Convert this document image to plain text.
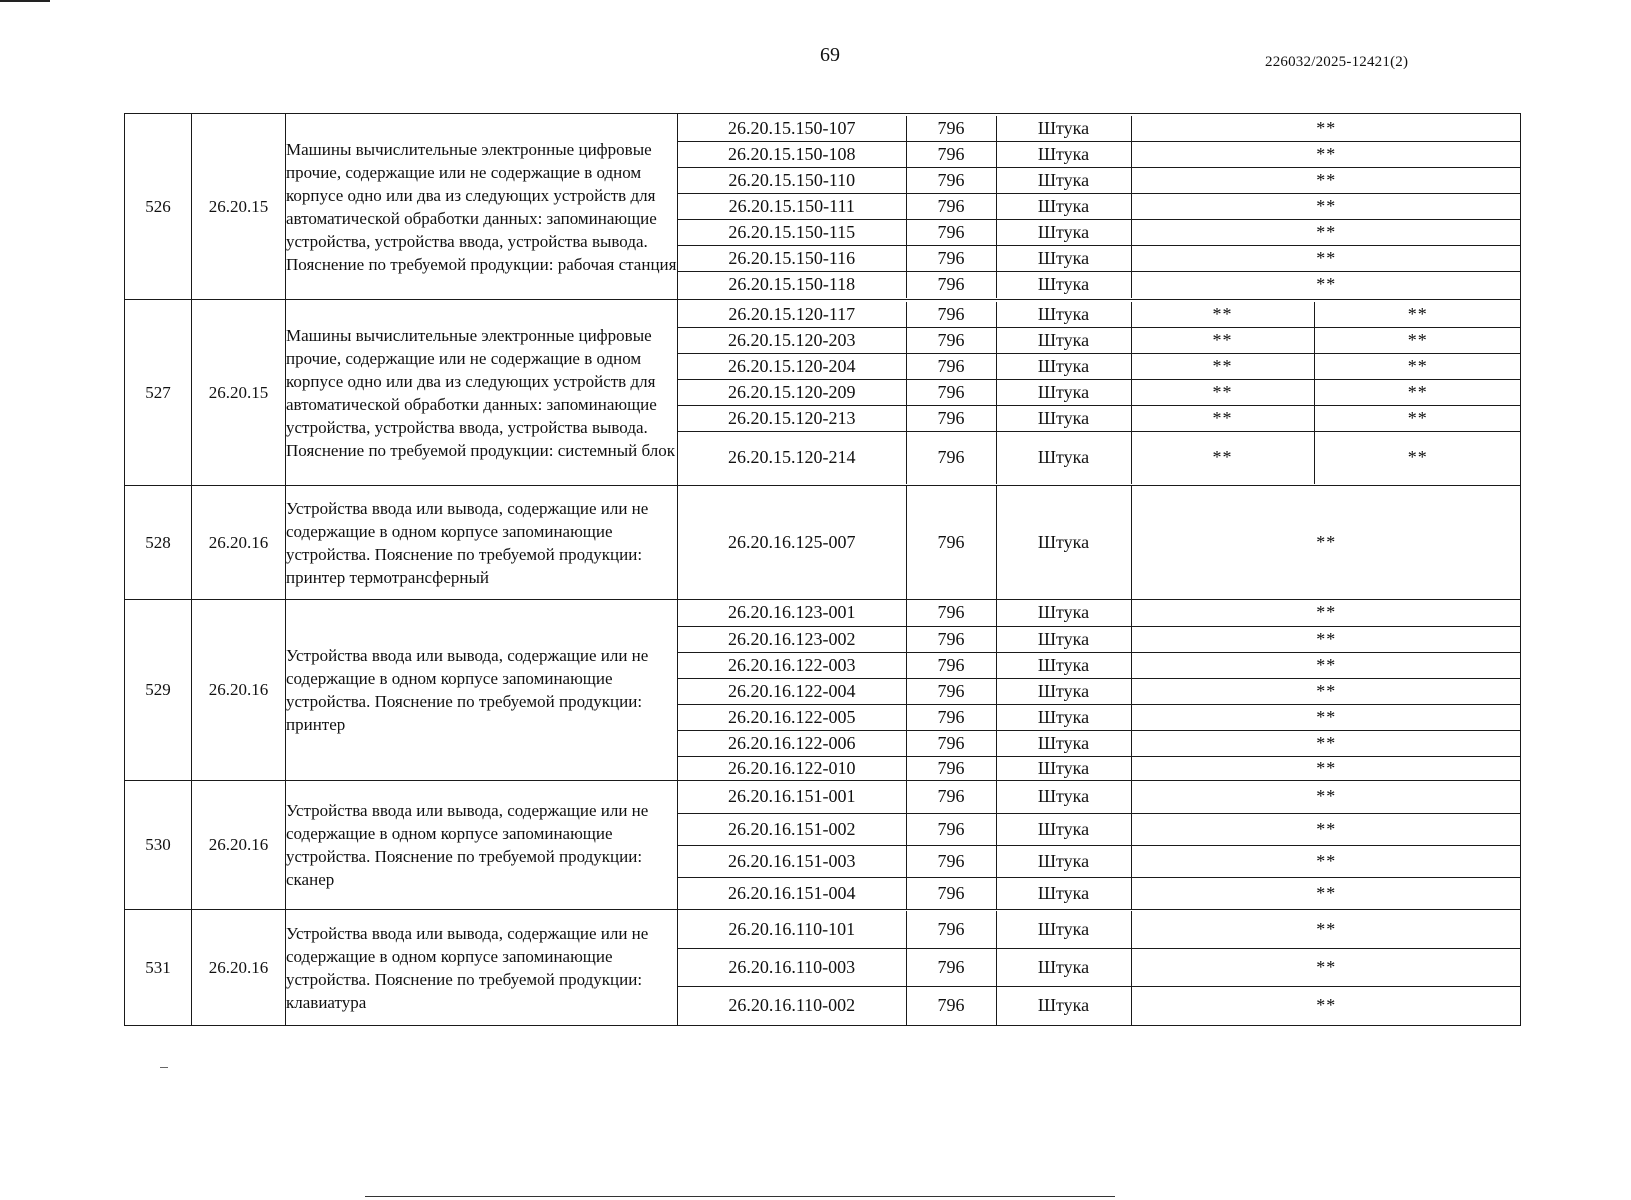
69	226032/2025-12421(2)
526	26.20.15	Машины вычислительные электронные цифровые прочие, содержащие или не содержащие в одном корпусе одно или два из следующих устройств для автоматической обработки данных: запоминающие устройства, устройства ввода, устройства вывода. Пояснение по требуемой продукции: рабочая станция	
26.20.15.150-107	796	Штука	**
26.20.15.150-108	796	Штука	**
26.20.15.150-110	796	Штука	**
26.20.15.150-111	796	Штука	**
26.20.15.150-115	796	Штука	**
26.20.15.150-116	796	Штука	**
26.20.15.150-118	796	Штука	**

527	26.20.15	Машины вычислительные электронные цифровые прочие, содержащие или не содержащие в одном корпусе одно или два из следующих устройств для автоматической обработки данных: запоминающие устройства, устройства ввода, устройства вывода. Пояснение по требуемой продукции: системный блок	
26.20.15.120-117	796	Штука	**	**
26.20.15.120-203	796	Штука	**	**
26.20.15.120-204	796	Штука	**	**
26.20.15.120-209	796	Штука	**	**
26.20.15.120-213	796	Штука	**	**
26.20.15.120-214	796	Штука	**	**

528	26.20.16	Устройства ввода или вывода, содержащие или не содержащие в одном корпусе запоминающие устройства. Пояснение по требуемой продукции: принтер термотрансферный	
26.20.16.125-007	796	Штука	**

529	26.20.16	Устройства ввода или вывода, содержащие или не содержащие в одном корпусе запоминающие устройства. Пояснение по требуемой продукции: принтер	
26.20.16.123-001	796	Штука	**
26.20.16.123-002	796	Штука	**
26.20.16.122-003	796	Штука	**
26.20.16.122-004	796	Штука	**
26.20.16.122-005	796	Штука	**
26.20.16.122-006	796	Штука	**
26.20.16.122-010	796	Штука	**

530	26.20.16	Устройства ввода или вывода, содержащие или не содержащие в одном корпусе запоминающие устройства. Пояснение по требуемой продукции: сканер	
26.20.16.151-001	796	Штука	**
26.20.16.151-002	796	Штука	**
26.20.16.151-003	796	Штука	**
26.20.16.151-004	796	Штука	**

531	26.20.16	Устройства ввода или вывода, содержащие или не содержащие в одном корпусе запоминающие устройства. Пояснение по требуемой продукции: клавиатура	
26.20.16.110-101	796	Штука	**
26.20.16.110-003	796	Штука	**
26.20.16.110-002	796	Штука	**
